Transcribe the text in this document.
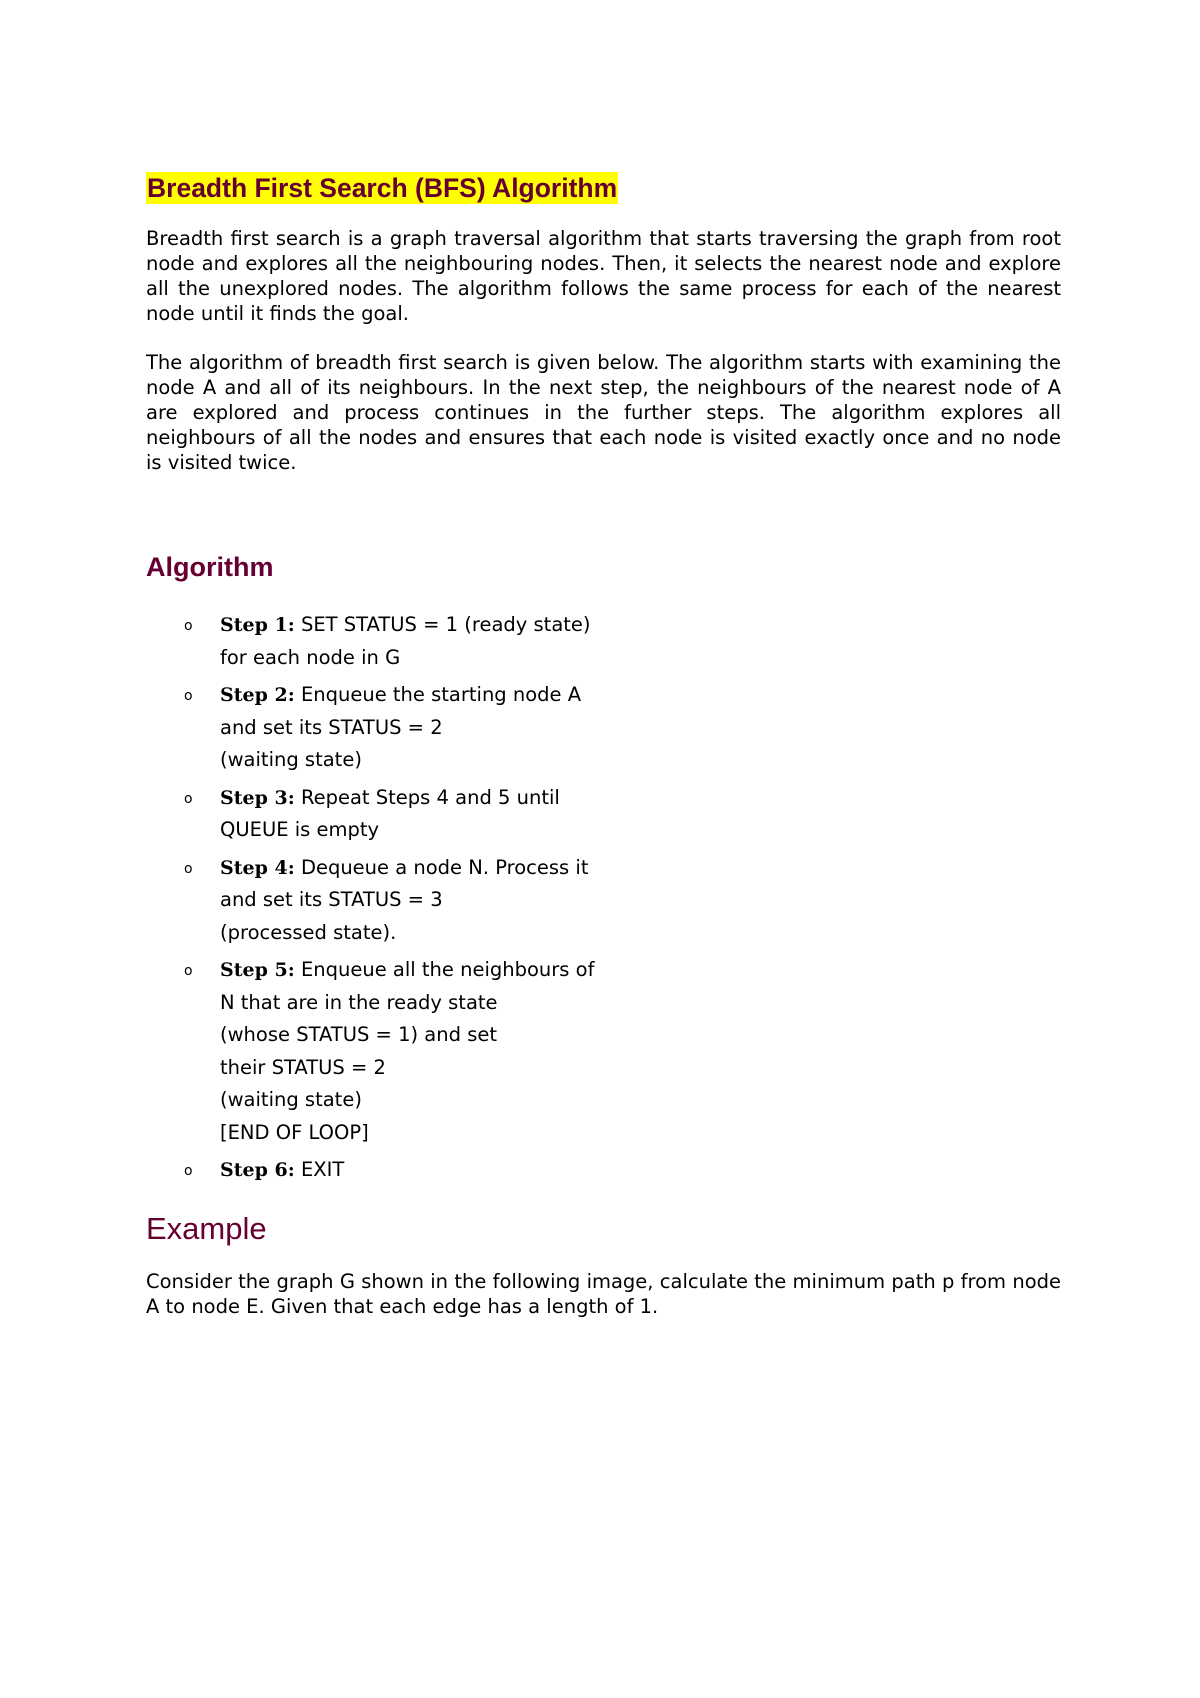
Breadth First Search (BFS) Algorithm

Breadth first search is a graph traversal algorithm that starts traversing the graph from root node and explores all the neighbouring nodes. Then, it selects the nearest node and explore all the unexplored nodes. The algorithm follows the same process for each of the nearest node until it finds the goal.

The algorithm of breadth first search is given below. The algorithm starts with examining the node A and all of its neighbours. In the next step, the neighbours of the nearest node of A are explored and process continues in the further steps. The algorithm explores all neighbours of all the nodes and ensures that each node is visited exactly once and no node is visited twice.

Algorithm
o Step 1: SET STATUS = 1 (ready state)
for each node in G
o Step 2: Enqueue the starting node A
and set its STATUS = 2
(waiting state)
o Step 3: Repeat Steps 4 and 5 until
QUEUE is empty
o Step 4: Dequeue a node N. Process it
and set its STATUS = 3
(processed state).
o Step 5: Enqueue all the neighbours of
N that are in the ready state
(whose STATUS = 1) and set
their STATUS = 2
(waiting state)
[END OF LOOP]
o Step 6: EXIT
Example

Consider the graph G shown in the following image, calculate the minimum path p from node A to node E. Given that each edge has a length of 1.
